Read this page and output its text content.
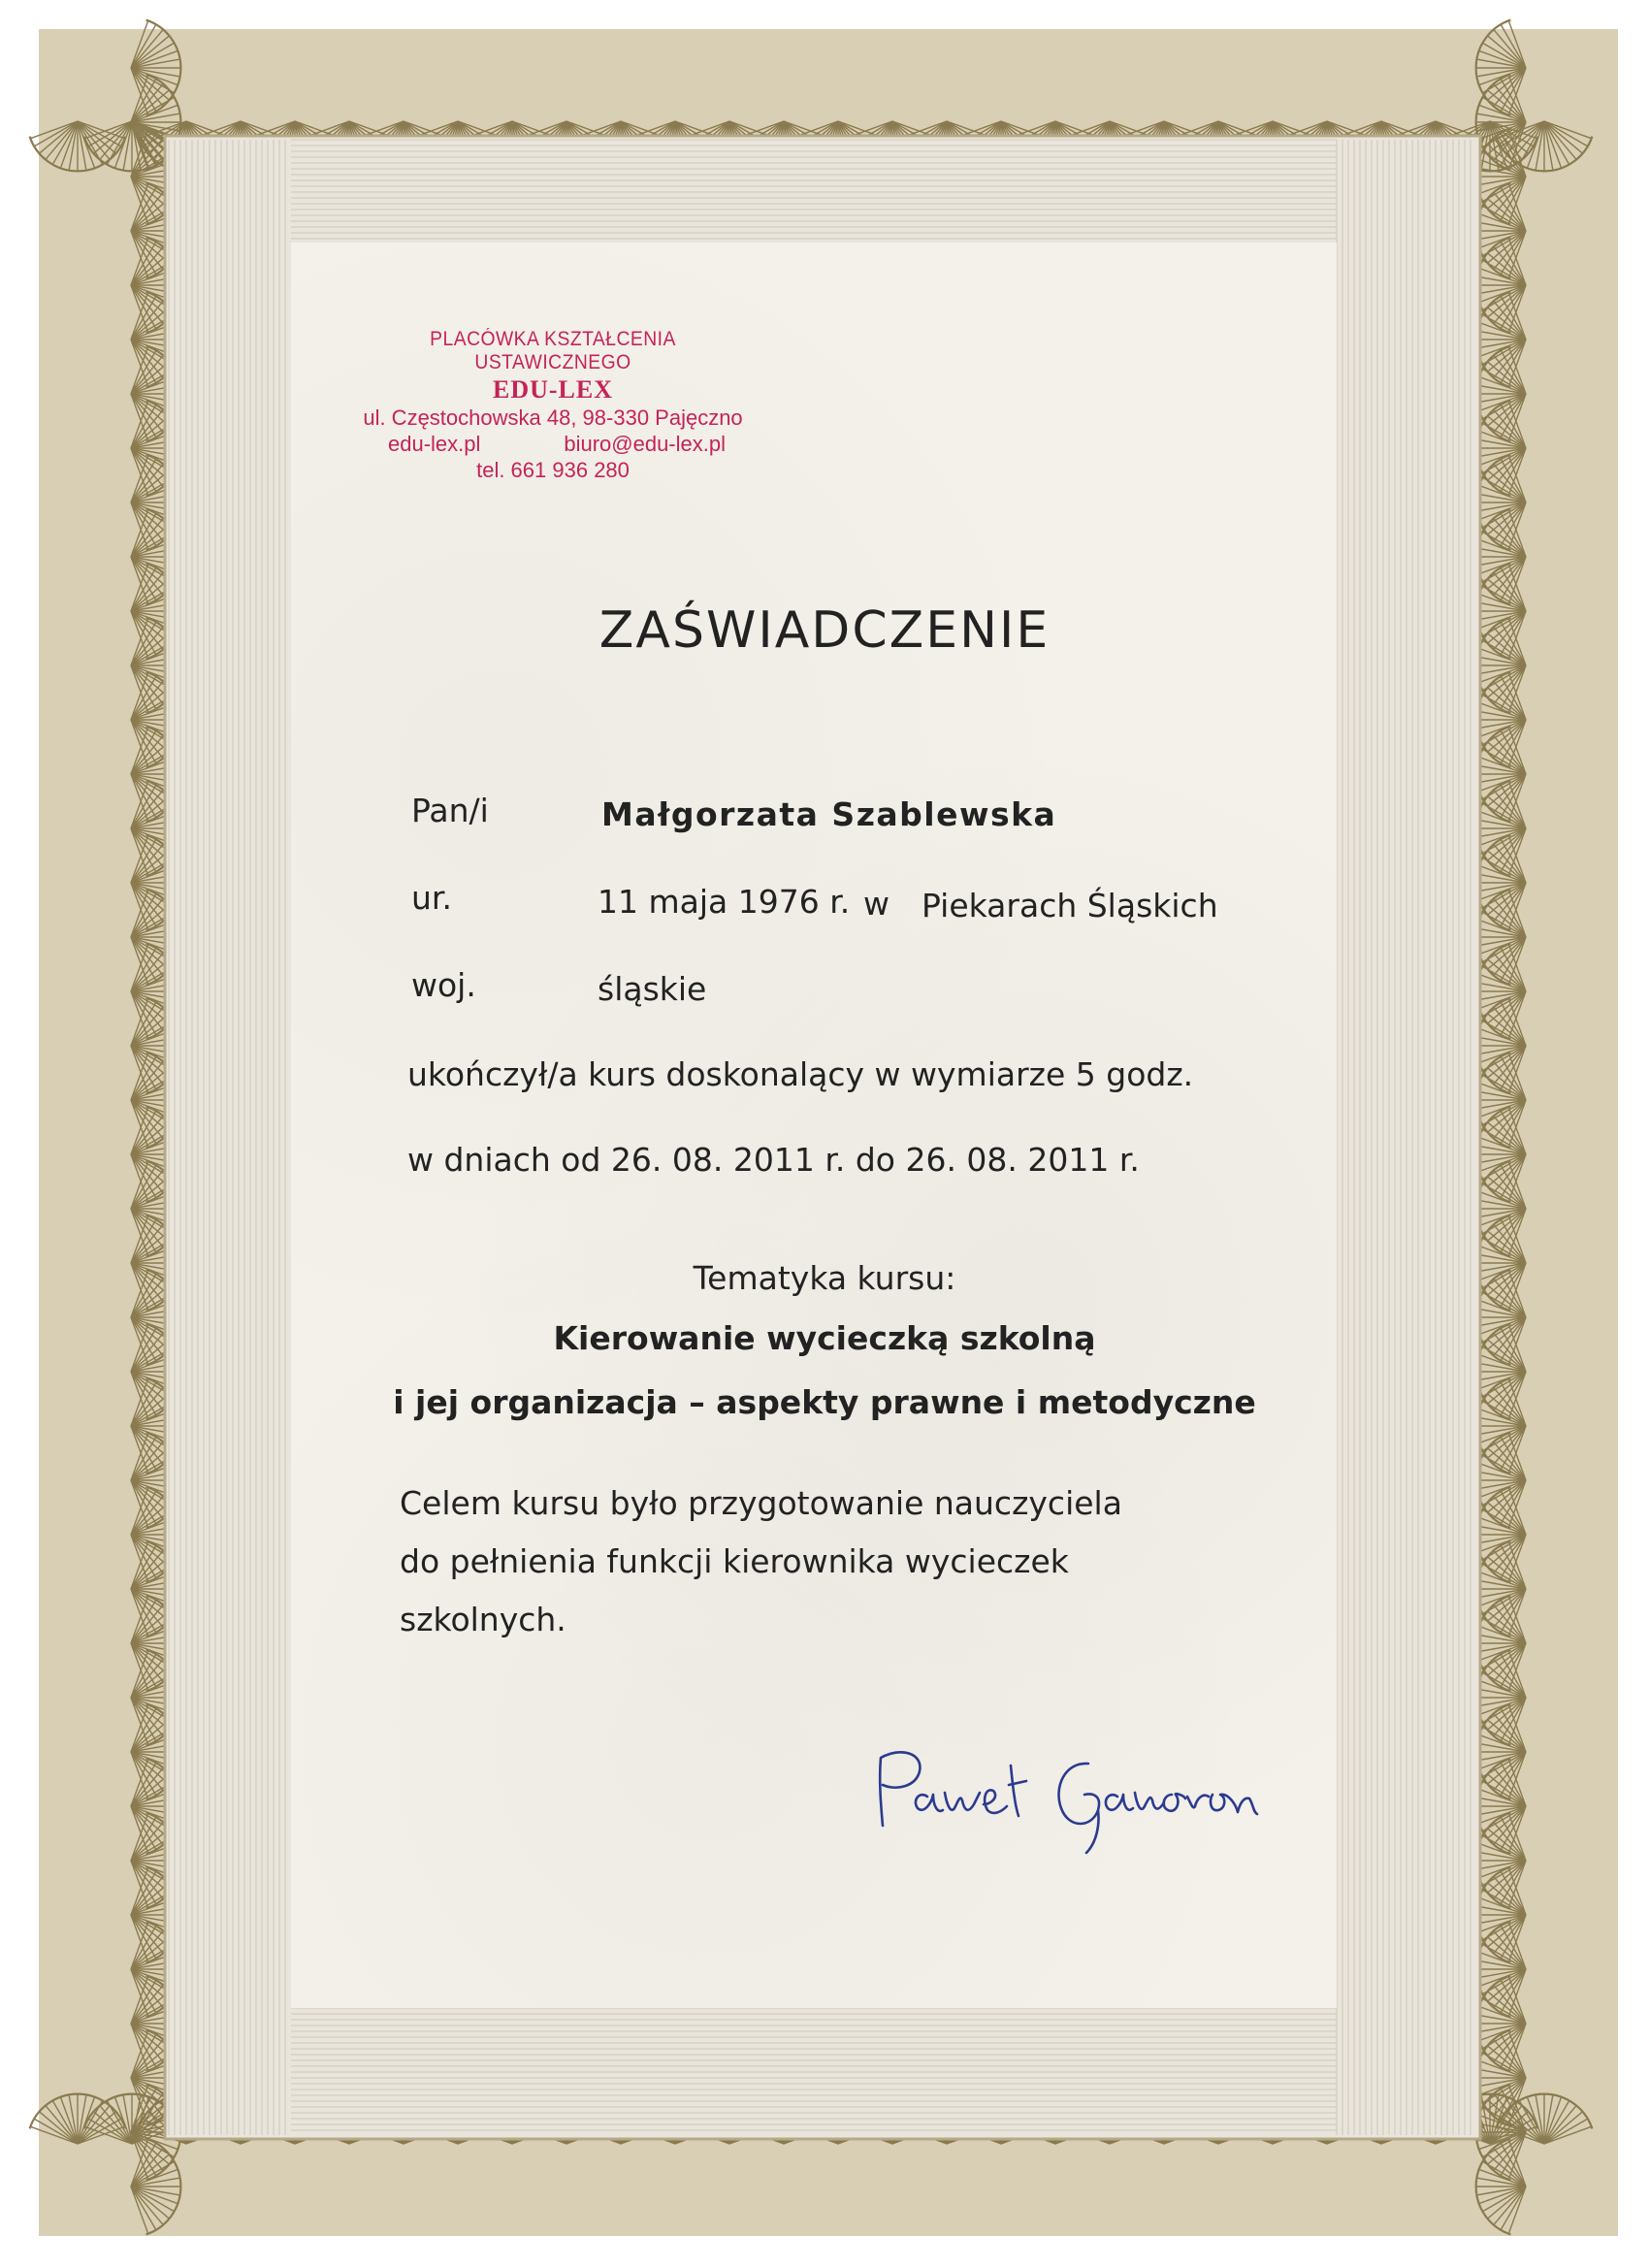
PLACÓWKA KSZTAŁCENIA USTAWICZNEGO
EDU-LEX
ul. Częstochowska 48, 98-330 Pajęczno
edu-lex.pl	biuro@edu-lex.pl
tel. 661 936 280
ZAŚWIADCZENIE
Pan/i	Małgorzata Szablewska
ur.	11 maja 1976 r. w Piekarach Śląskich
woj.	śląskie
ukończył/a kurs doskonalący w wymiarze 5 godz.
w dniach od 26. 08. 2011 r. do 26. 08. 2011 r.
Tematyka kursu:
Kierowanie wycieczką szkolną
i jej organizacja – aspekty prawne i metodyczne
Celem kursu było przygotowanie nauczyciela
do pełnienia funkcji kierownika wycieczek
szkolnych.
